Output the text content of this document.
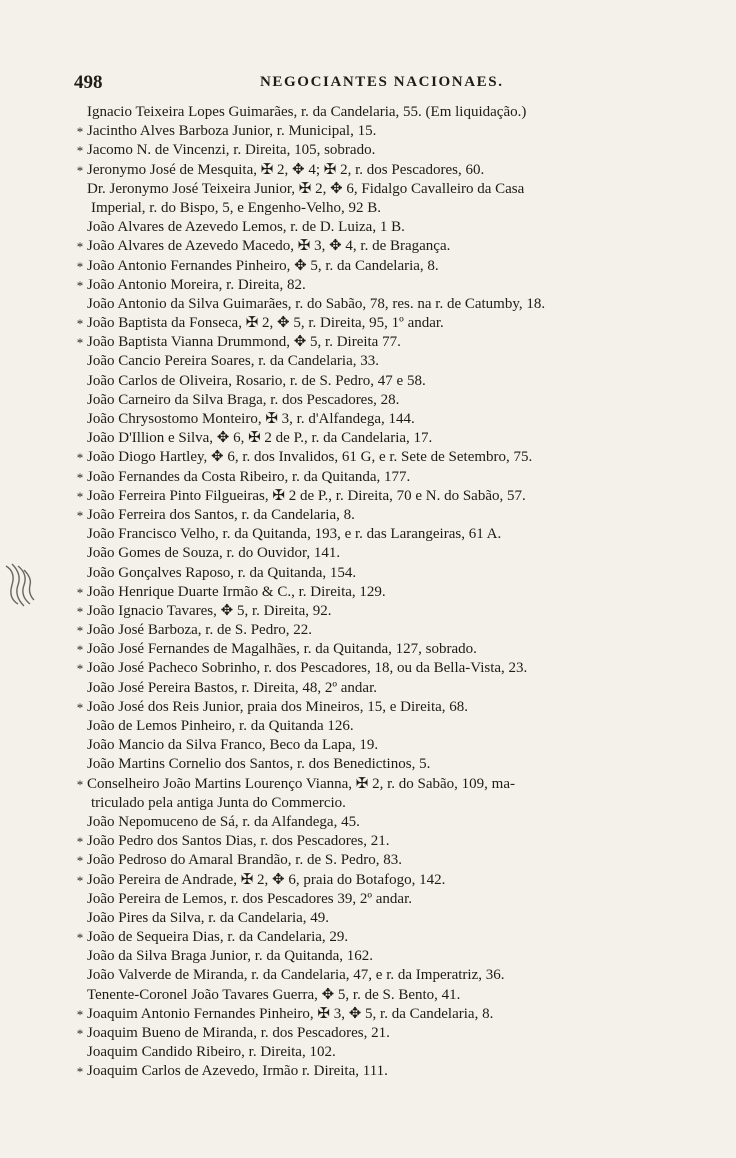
498	NEGOCIANTES NACIONAES.
Ignacio Teixeira Lopes Guimarães, r. da Candelaria, 55. (Em liquidação.)
* Jacintho Alves Barboza Junior, r. Municipal, 15.
* Jacomo N. de Vincenzi, r. Direita, 105, sobrado.
* Jeronymo José de Mesquita, ✠ 2, ✥ 4; ✠ 2, r. dos Pescadores, 60.
Dr. Jeronymo José Teixeira Junior, ✠ 2, ✥ 6, Fidalgo Cavalleiro da Casa
Imperial, r. do Bispo, 5, e Engenho-Velho, 92 B.
João Alvares de Azevedo Lemos, r. de D. Luiza, 1 B.
* João Alvares de Azevedo Macedo, ✠ 3, ✥ 4, r. de Bragança.
* João Antonio Fernandes Pinheiro, ✥ 5, r. da Candelaria, 8.
* João Antonio Moreira, r. Direita, 82.
João Antonio da Silva Guimarães, r. do Sabão, 78, res. na r. de Catumby, 18.
* João Baptista da Fonseca, ✠ 2, ✥ 5, r. Direita, 95, 1º andar.
* João Baptista Vianna Drummond, ✥ 5, r. Direita 77.
João Cancio Pereira Soares, r. da Candelaria, 33.
João Carlos de Oliveira, Rosario, r. de S. Pedro, 47 e 58.
João Carneiro da Silva Braga, r. dos Pescadores, 28.
João Chrysostomo Monteiro, ✠ 3, r. d'Alfandega, 144.
João D'Illion e Silva, ✥ 6, ✠ 2 de P., r. da Candelaria, 17.
* João Diogo Hartley, ✥ 6, r. dos Invalidos, 61 G, e r. Sete de Setembro, 75.
* João Fernandes da Costa Ribeiro, r. da Quitanda, 177.
* João Ferreira Pinto Filgueiras, ✠ 2 de P., r. Direita, 70 e N. do Sabão, 57.
* João Ferreira dos Santos, r. da Candelaria, 8.
João Francisco Velho, r. da Quitanda, 193, e r. das Larangeiras, 61 A.
João Gomes de Souza, r. do Ouvidor, 141.
João Gonçalves Raposo, r. da Quitanda, 154.
* João Henrique Duarte Irmão & C., r. Direita, 129.
* João Ignacio Tavares, ✥ 5, r. Direita, 92.
* João José Barboza, r. de S. Pedro, 22.
* João José Fernandes de Magalhães, r. da Quitanda, 127, sobrado.
* João José Pacheco Sobrinho, r. dos Pescadores, 18, ou da Bella-Vista, 23.
João José Pereira Bastos, r. Direita, 48, 2º andar.
* João José dos Reis Junior, praia dos Mineiros, 15, e Direita, 68.
João de Lemos Pinheiro, r. da Quitanda 126.
João Mancio da Silva Franco, Beco da Lapa, 19.
João Martins Cornelio dos Santos, r. dos Benedictinos, 5.
* Conselheiro João Martins Lourenço Vianna, ✠ 2, r. do Sabão, 109, ma-
triculado pela antiga Junta do Commercio.
João Nepomuceno de Sá, r. da Alfandega, 45.
* João Pedro dos Santos Dias, r. dos Pescadores, 21.
* João Pedroso do Amaral Brandão, r. de S. Pedro, 83.
* João Pereira de Andrade, ✠ 2, ✥ 6, praia do Botafogo, 142.
João Pereira de Lemos, r. dos Pescadores 39, 2º andar.
João Pires da Silva, r. da Candelaria, 49.
* João de Sequeira Dias, r. da Candelaria, 29.
João da Silva Braga Junior, r. da Quitanda, 162.
João Valverde de Miranda, r. da Candelaria, 47, e r. da Imperatriz, 36.
Tenente-Coronel João Tavares Guerra, ✥ 5, r. de S. Bento, 41.
* Joaquim Antonio Fernandes Pinheiro, ✠ 3, ✥ 5, r. da Candelaria, 8.
* Joaquim Bueno de Miranda, r. dos Pescadores, 21.
Joaquim Candido Ribeiro, r. Direita, 102.
* Joaquim Carlos de Azevedo, Irmão r. Direita, 111.
